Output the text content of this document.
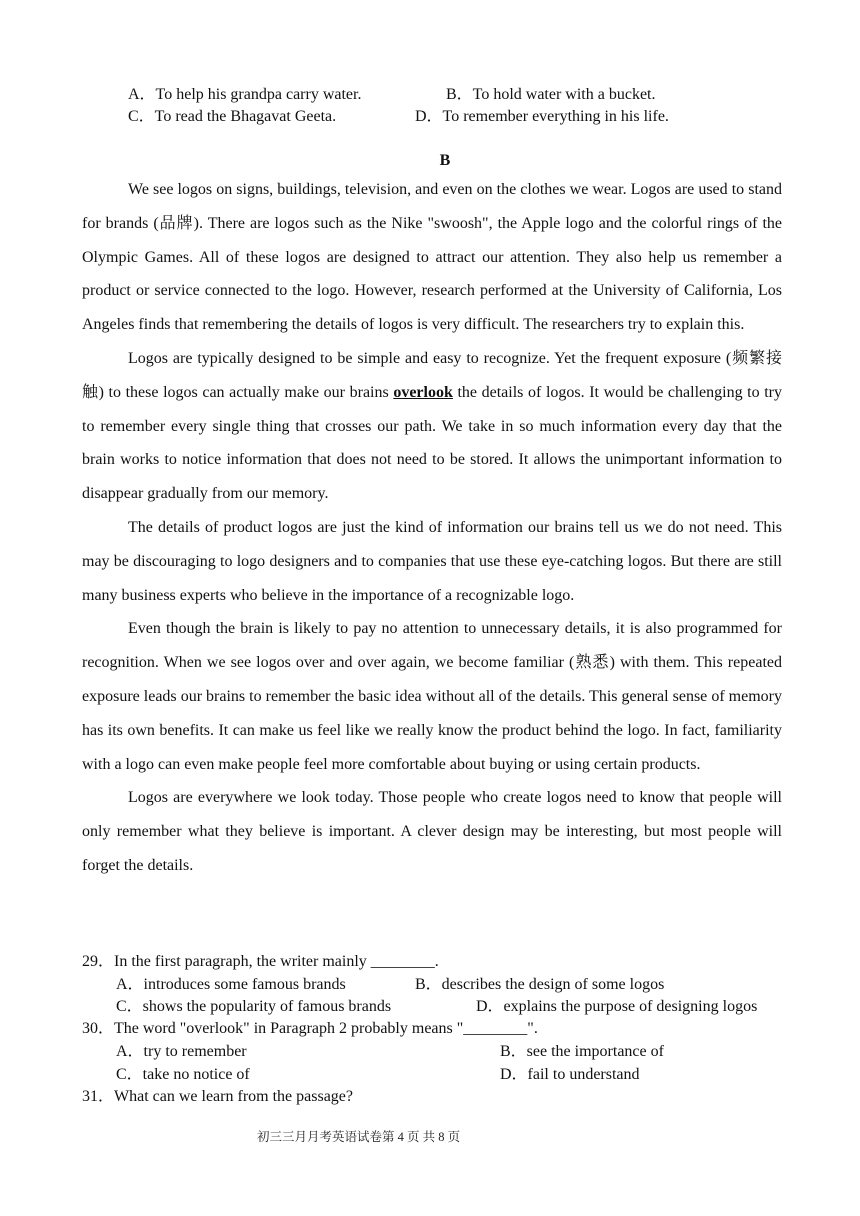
A．To help his grandpa carry water.	B．To hold water with a bucket.
C．To read the Bhagavat Geeta.	D．To remember everything in his life.
B

We see logos on signs, buildings, television, and even on the clothes we wear. Logos are used to stand for brands (品牌). There are logos such as the Nike "swoosh", the Apple logo and the colorful rings of the Olympic Games. All of these logos are designed to attract our attention. They also help us remember a product or service connected to the logo. However, research performed at the University of California, Los Angeles finds that remembering the details of logos is very difficult. The researchers try to explain this.

Logos are typically designed to be simple and easy to recognize. Yet the frequent exposure (频繁接触) to these logos can actually make our brains overlook the details of logos. It would be challenging to try to remember every single thing that crosses our path. We take in so much information every day that the brain works to notice information that does not need to be stored. It allows the unimportant information to disappear gradually from our memory.

The details of product logos are just the kind of information our brains tell us we do not need. This may be discouraging to logo designers and to companies that use these eye-catching logos. But there are still many business experts who believe in the importance of a recognizable logo.

Even though the brain is likely to pay no attention to unnecessary details, it is also programmed for recognition. When we see logos over and over again, we become familiar (熟悉) with them. This repeated exposure leads our brains to remember the basic idea without all of the details. This general sense of memory has its own benefits. It can make us feel like we really know the product behind the logo. In fact, familiarity with a logo can even make people feel more comfortable about buying or using certain products.

Logos are everywhere we look today. Those people who create logos need to know that people will only remember what they believe is important. A clever design may be interesting, but most people will forget the details.

29．In the first paragraph, the writer mainly ________.
A．introduces some famous brands	B．describes the design of some logos
C．shows the popularity of famous brands	D．explains the purpose of designing logos
30．The word "overlook" in Paragraph 2 probably means "________".
A．try to remember	B．see the importance of
C．take no notice of	D．fail to understand
31．What can we learn from the passage?
初三三月月考英语试卷第 4 页 共 8 页
